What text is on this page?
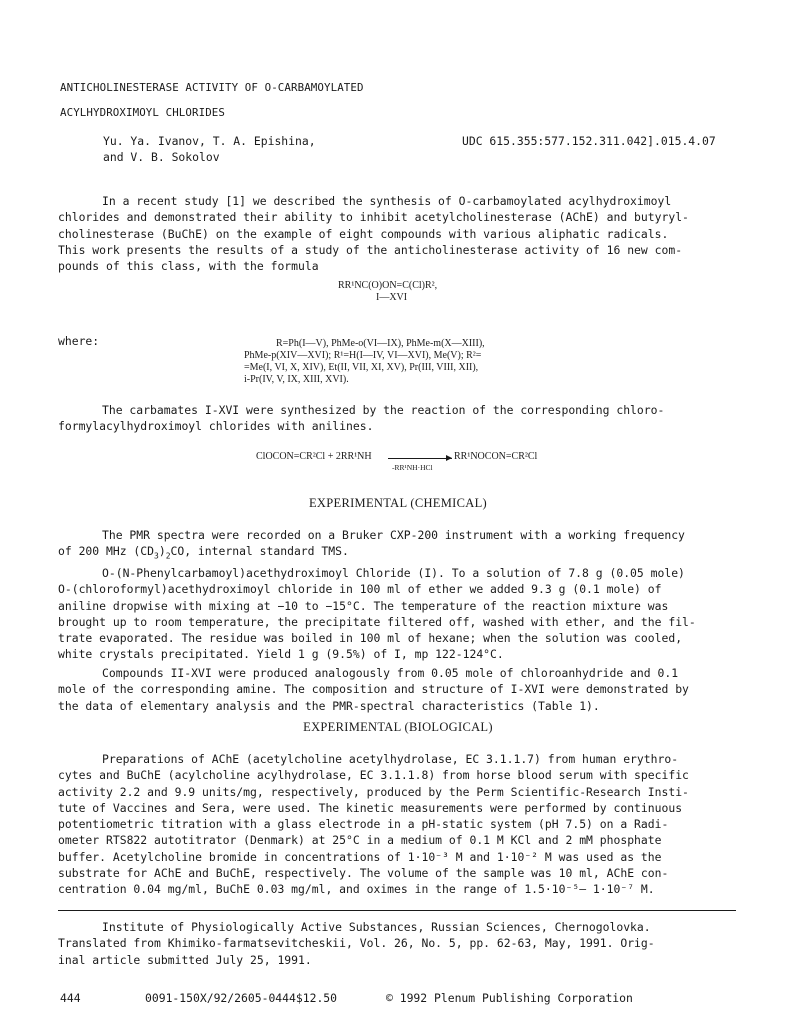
ANTICHOLINESTERASE ACTIVITY OF O-CARBAMOYLATED
ACYLHYDROXIMOYL CHLORIDES
Yu. Ya. Ivanov, T. A. Epishina,
and V. B. Sokolov
UDC 615.355:577.152.311.042].015.4.07

In a recent study [1] we described the synthesis of O-carbamoylated acylhydroximoyl

chlorides and demonstrated their ability to inhibit acetylcholinesterase (AChE) and butyryl-

cholinesterase (BuChE) on the example of eight compounds with various aliphatic radicals.

This work presents the results of a study of the anticholinesterase activity of 16 new com-

pounds of this class, with the formula

RR¹NC(O)ON=C(Cl)R²,
I—XVI
where:	R=Ph(I—V), PhMe-o(VI—IX), PhMe-m(X—XIII),
PhMe-p(XIV—XVI); R¹=H(I—IV, VI—XVI), Me(V); R²=
=Me(I, VI, X, XIV), Et(II, VII, XI, XV), Pr(III, VIII, XII),
i-Pr(IV, V, IX, XIII, XVI).

The carbamates I-XVI were synthesized by the reaction of the corresponding chloro-

formylacylhydroximoyl chlorides with anilines.

ClOCON=CR²Cl + 2RR¹NH
-RR¹NH·HCl
RR¹NOCON=CR²Cl
EXPERIMENTAL (CHEMICAL)

The PMR spectra were recorded on a Bruker CXP-200 instrument with a working frequency

of 200 MHz $(CD_3)_2CO$, internal standard TMS.

O-(N-Phenylcarbamoyl)acethydroximoyl Chloride (I). To a solution of 7.8 g (0.05 mole)

O-(chloroformyl)acethydroximoyl chloride in 100 ml of ether we added 9.3 g (0.1 mole) of

aniline dropwise with mixing at −10 to −15°C. The temperature of the reaction mixture was

brought up to room temperature, the precipitate filtered off, washed with ether, and the fil-

trate evaporated. The residue was boiled in 100 ml of hexane; when the solution was cooled,

white crystals precipitated. Yield 1 g (9.5%) of I, mp 122-124°C.

Compounds II-XVI were produced analogously from 0.05 mole of chloroanhydride and 0.1

mole of the corresponding amine. The composition and structure of I-XVI were demonstrated by

the data of elementary analysis and the PMR-spectral characteristics (Table 1).

EXPERIMENTAL (BIOLOGICAL)

Preparations of AChE (acetylcholine acetylhydrolase, EC 3.1.1.7) from human erythro-

cytes and BuChE (acylcholine acylhydrolase, EC 3.1.1.8) from horse blood serum with specific

activity 2.2 and 9.9 units/mg, respectively, produced by the Perm Scientific-Research Insti-

tute of Vaccines and Sera, were used. The kinetic measurements were performed by continuous

potentiometric titration with a glass electrode in a pH-static system (pH 7.5) on a Radi-

ometer RTS822 autotitrator (Denmark) at 25°C in a medium of 0.1 M KCl and 2 mM phosphate

buffer. Acetylcholine bromide in concentrations of 1·10⁻³ M and 1·10⁻² M was used as the

substrate for AChE and BuChE, respectively. The volume of the sample was 10 ml, AChE con-

centration 0.04 mg/ml, BuChE 0.03 mg/ml, and oximes in the range of 1.5·10⁻⁵— 1·10⁻⁷ M.

Institute of Physiologically Active Substances, Russian Sciences, Chernogolovka.

Translated from Khimiko-farmatsevitcheskii, Vol. 26, No. 5, pp. 62-63, May, 1991. Orig-

inal article submitted July 25, 1991.

444	0091-150X/92/2605-0444$12.50	© 1992 Plenum Publishing Corporation
